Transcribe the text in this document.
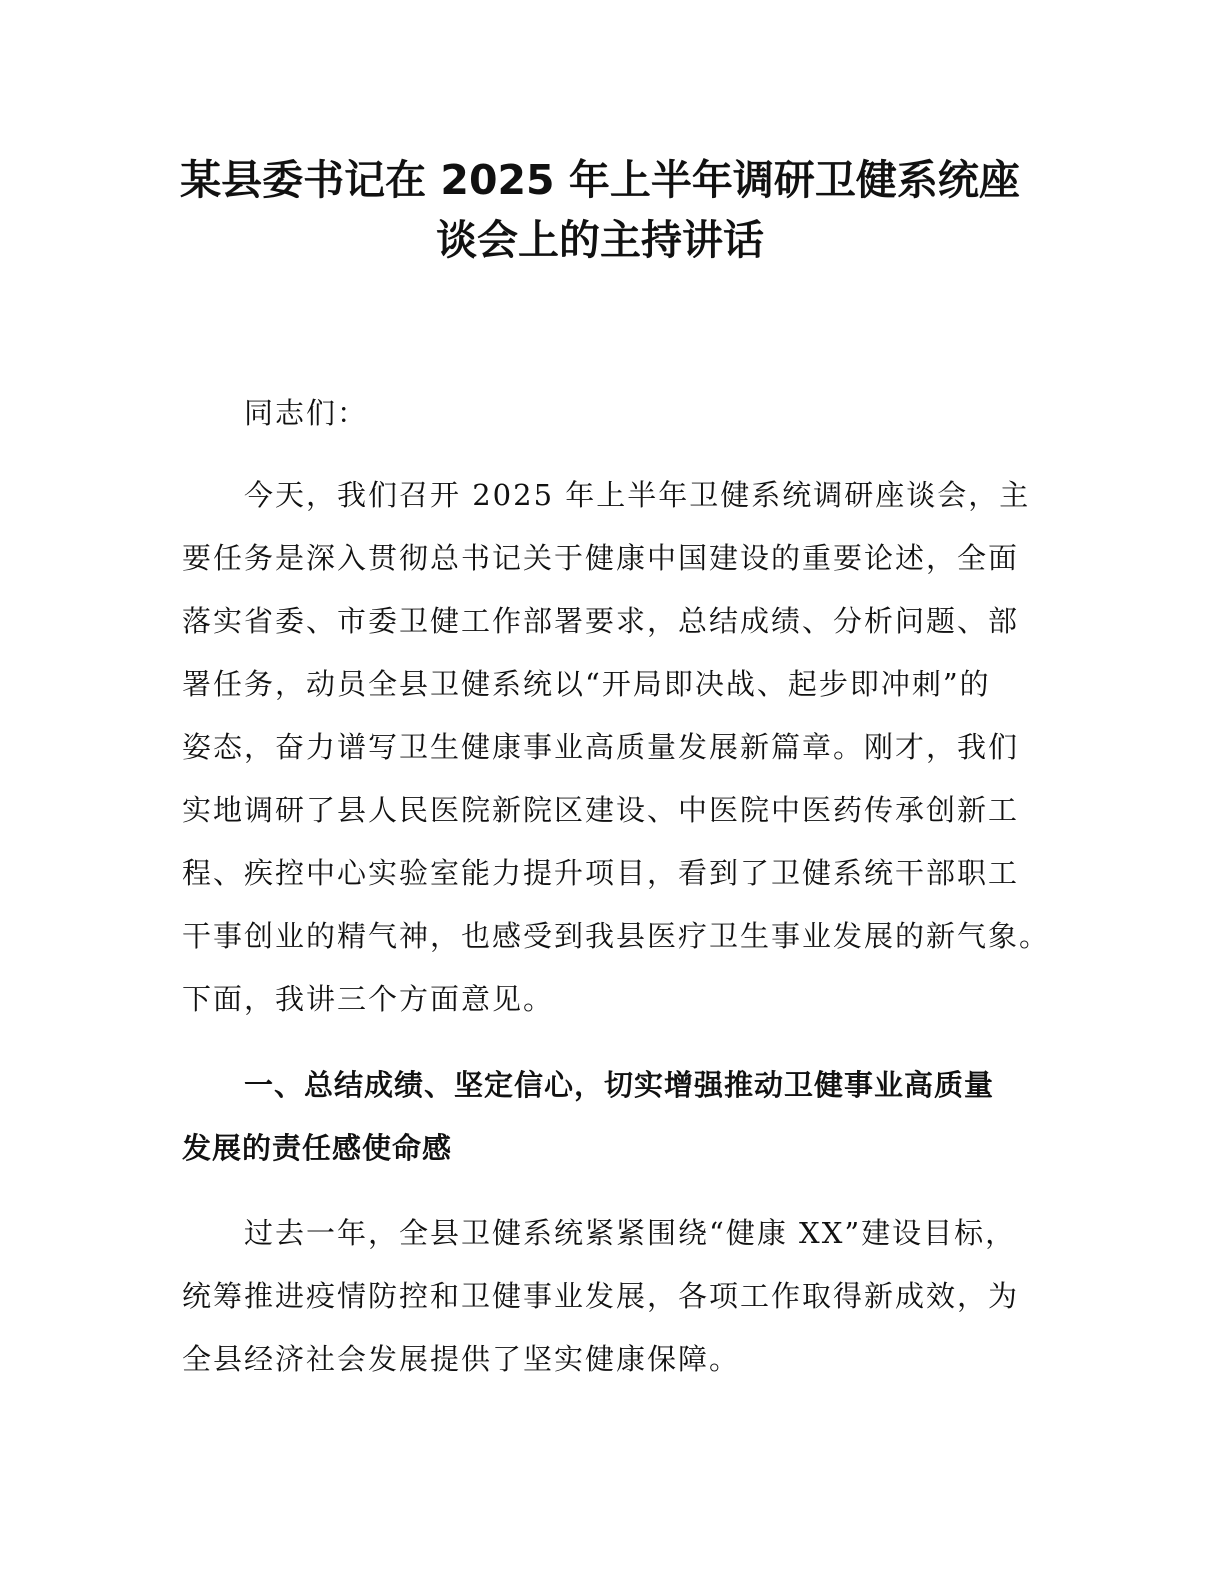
某县委书记在 2025 年上半年调研卫健系统座
谈会上的主持讲话

同志们：

今天，我们召开 2025 年上半年卫健系统调研座谈会，主
要任务是深入贯彻总书记关于健康中国建设的重要论述，全面
落实省委、市委卫健工作部署要求，总结成绩、分析问题、部
署任务，动员全县卫健系统以“开局即决战、起步即冲刺”的
姿态，奋力谱写卫生健康事业高质量发展新篇章。刚才，我们
实地调研了县人民医院新院区建设、中医院中医药传承创新工
程、疾控中心实验室能力提升项目，看到了卫健系统干部职工
干事创业的精气神，也感受到我县医疗卫生事业发展的新气象。
下面，我讲三个方面意见。
一、总结成绩、坚定信心，切实增强推动卫健事业高质量
发展的责任感使命感
过去一年，全县卫健系统紧紧围绕“健康 XX”建设目标，
统筹推进疫情防控和卫健事业发展，各项工作取得新成效，为
全县经济社会发展提供了坚实健康保障。
